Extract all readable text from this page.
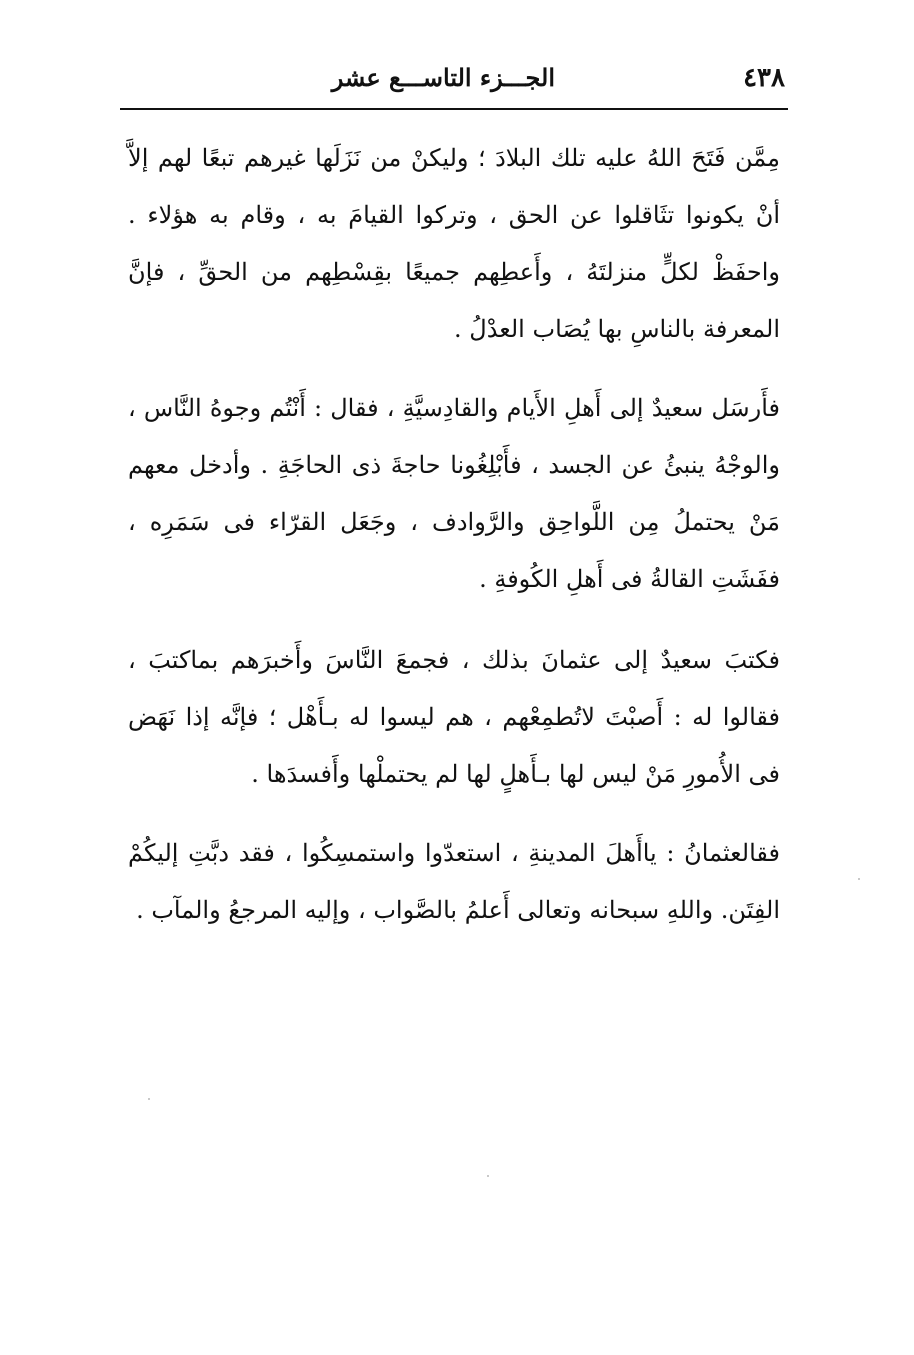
٤٣٨
الجـــزء التاســـع عشر

مِمَّن فَتَحَ اللهُ عليه تلك البلادَ ؛ وليكنْ من نَزَلَها غيرهم تبعًا لهم إلاَّ أنْ يكونوا تثَاقلوا عن الحق ، وتركوا القيامَ به ، وقام به هؤلاء . واحفَظْ لكلٍّ منزلتَهُ ، وأَعطِهم جميعًا بقِسْطِهم من الحقِّ ، فإنَّ المعرفة بالناسِ بها يُصَاب العدْلُ .

فأَرسَل سعيدٌ إلى أَهلِ الأَيام والقادِسيَّةِ ، فقال : أَنْتُم وجوهُ النَّاس ، والوجْهُ ينبئُ عن الجسد ، فأَبْلِغُونا حاجةَ ذى الحاجَةِ . وأدخل معهم مَنْ يحتملُ مِن اللَّواحِق والرَّوادف ، وجَعَل القرّاء فى سَمَرِه ، ففَشَتِ القالةُ فى أَهلِ الكُوفةِ .

فكتبَ سعيدٌ إلى عثمانَ بذلك ، فجمعَ النَّاسَ وأَخبرَهم بماكتبَ ، فقالوا له : أَصبْتَ لاتُطمِعْهم ، هم ليسوا له بـأَهْل ؛ فإنَّه إذا نَهَض فى الأُمورِ مَنْ ليس لها بـأَهلٍ لها لم يحتملْها وأَفسدَها .

فقالعثمانُ : ياأَهلَ المدينةِ ، استعدّوا واستمسِكُوا ، فقد دبَّتِ إليكُمْ الفِتَن. واللهِ سبحانه وتعالى أَعلمُ بالصَّواب ، وإليه المرجعُ والمآب .
